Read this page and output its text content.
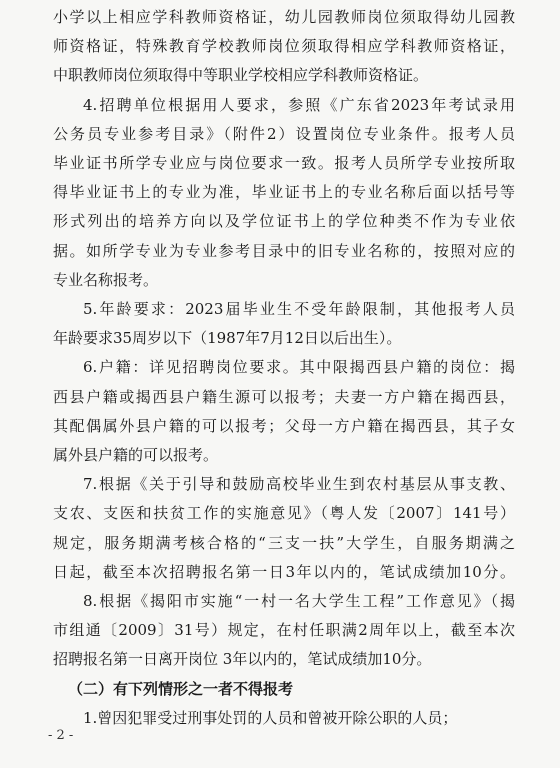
小学以上相应学科教师资格证，幼儿园教师岗位须取得幼儿园教
师资格证，特殊教育学校教师岗位须取得相应学科教师资格证，
中职教师岗位须取得中等职业学校相应学科教师资格证。
4.招聘单位根据用人要求，参照《广东省2023年考试录用
公务员专业参考目录》（附件2）设置岗位专业条件。报考人员
毕业证书所学专业应与岗位要求一致。报考人员所学专业按所取
得毕业证书上的专业为准，毕业证书上的专业名称后面以括号等
形式列出的培养方向以及学位证书上的学位种类不作为专业依
据。如所学专业为专业参考目录中的旧专业名称的，按照对应的
专业名称报考。
5.年龄要求：2023届毕业生不受年龄限制，其他报考人员
年龄要求35周岁以下（1987年7月12日以后出生）。
6.户籍：详见招聘岗位要求。其中限揭西县户籍的岗位：揭
西县户籍或揭西县户籍生源可以报考；夫妻一方户籍在揭西县，
其配偶属外县户籍的可以报考；父母一方户籍在揭西县，其子女
属外县户籍的可以报考。
7.根据《关于引导和鼓励高校毕业生到农村基层从事支教、
支农、支医和扶贫工作的实施意见》（粤人发〔2007〕141号）
规定，服务期满考核合格的“三支一扶”大学生，自服务期满之
日起，截至本次招聘报名第一日3年以内的，笔试成绩加10分。
8.根据《揭阳市实施“一村一名大学生工程”工作意见》（揭
市组通〔2009〕31号）规定，在村任职满2周年以上，截至本次
招聘报名第一日离开岗位 3年以内的，笔试成绩加10分。
- 2 -
（二）有下列情形之一者不得报考
1.曾因犯罪受过刑事处罚的人员和曾被开除公职的人员；
